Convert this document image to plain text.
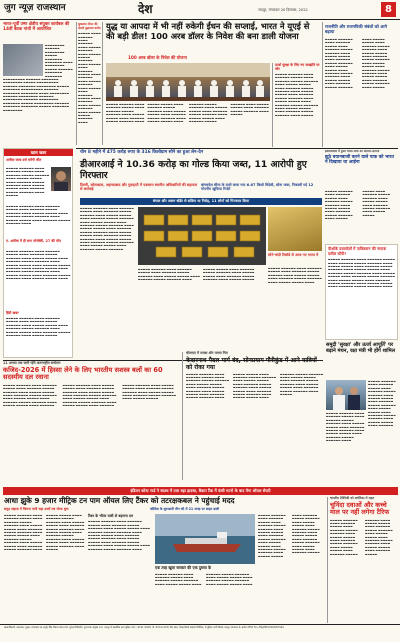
जुग न्यूज़ राजस्थान	देश	जयपुर, मंगलवार 20 दिसम्बर, 2022	8
भारत-पूर्वी उष्ण क्षेत्रीय संयुक्त कार्यबल की 14वीं बैठक गांधी में आयोजित
▬▬▬▬▬▬▬▬ ▬▬▬▬▬▬ ▬▬▬▬▬▬▬▬ ▬▬▬▬▬ ▬▬▬▬▬▬▬ ▬▬▬▬▬▬▬ ▬▬▬▬ ▬▬▬▬▬▬▬▬ ▬▬▬▬▬ ▬▬▬▬▬▬ ▬▬▬▬▬▬▬ ▬▬▬▬▬▬▬
▬▬▬▬▬▬▬▬▬ ▬▬▬▬▬▬ ▬▬▬▬▬▬▬ ▬▬▬▬▬▬▬▬ ▬▬▬▬▬ ▬▬▬▬▬▬▬▬▬ ▬▬▬▬▬▬ ▬▬▬▬▬▬▬ ▬▬▬▬▬▬▬▬ ▬▬▬▬▬ ▬▬▬▬▬▬▬ ▬▬▬▬▬▬▬▬▬ ▬▬▬▬▬▬ ▬▬▬▬▬▬▬ ▬▬▬▬▬▬▬ ▬▬▬▬ ▬▬▬▬▬▬▬▬ ▬▬▬▬▬▬ ▬▬▬▬▬▬▬▬ ▬▬▬▬▬▬ ▬▬▬▬▬▬▬▬ ▬▬▬▬▬▬ ▬▬▬▬▬▬▬▬ ▬▬▬▬▬▬▬ ▬▬▬▬▬ ▬▬▬▬▬▬▬▬ ▬▬▬▬▬▬ ▬▬▬▬▬▬▬ ▬▬▬▬▬▬▬ ▬▬▬▬▬ ▬▬▬▬▬▬▬ ▬▬▬▬▬▬▬▬
सुकतांत नौदन की दोरावे मुद्रापाय वर्माय
▬▬▬▬▬ ▬▬▬▬ ▬▬▬▬▬▬ ▬▬▬▬ ▬▬▬▬▬▬ ▬▬▬▬ ▬▬▬▬▬ ▬▬▬▬▬▬ ▬▬▬▬ ▬▬▬▬▬ ▬▬▬▬▬ ▬▬▬▬▬▬ ▬▬▬▬ ▬▬▬▬▬ ▬▬▬▬ ▬▬▬▬▬▬ ▬▬▬▬▬ ▬▬▬▬ ▬▬▬▬▬▬ ▬▬▬▬ ▬▬▬▬▬ ▬▬▬▬▬▬ ▬▬▬▬ ▬▬▬▬▬ ▬▬▬▬ ▬▬▬▬▬▬ ▬▬▬▬▬ ▬▬▬▬ ▬▬▬▬▬▬ ▬▬▬▬ ▬▬▬▬▬ ▬▬▬▬▬▬ ▬▬▬▬ ▬▬▬▬▬ ▬▬▬▬▬ ▬▬▬▬▬▬ ▬▬▬▬
युद्ध या आपदा में भी नहीं रुकेगी ईंधन की सप्लाई, भारत ने यूएई से की बड़ी डील! 100 अरब डॉलर के निवेश की बना डाली योजना
100 अरब डॉलर के निवेश की योजना
▬▬▬▬▬ ▬▬▬▬▬▬ ▬▬▬▬ ▬▬▬▬▬▬ ▬▬▬▬▬ ▬▬▬▬ ▬▬▬▬▬▬ ▬▬▬▬▬ ▬▬▬▬▬▬ ▬▬▬▬ ▬▬▬▬▬ ▬▬▬▬▬ ▬▬▬▬ ▬▬▬▬▬▬ ▬▬▬▬▬ ▬▬▬▬▬▬ ▬▬▬▬ ▬▬▬▬▬ ▬▬▬▬▬ ▬▬▬▬ ▬▬▬▬▬▬ ▬▬▬▬▬ ▬▬▬▬▬▬ ▬▬▬▬ ▬▬▬▬▬ ▬▬▬▬▬ ▬▬▬▬ ▬▬▬▬▬▬ ▬▬▬▬▬ ▬▬▬▬▬▬ ▬▬▬▬ ▬▬▬▬▬ ▬▬▬▬▬ ▬▬▬▬ ▬▬▬▬▬▬ ▬▬▬▬▬ ▬▬▬▬▬▬ ▬▬▬▬ ▬▬▬▬▬ ▬▬▬▬▬ ▬▬▬▬ ▬▬▬▬▬▬ ▬▬▬▬▬ ▬▬▬▬▬▬ ▬▬▬▬ ▬▬▬▬▬ ▬▬▬▬▬ ▬▬▬▬ ▬▬▬▬▬▬ ▬▬▬▬▬ ▬▬▬▬▬▬ ▬▬▬▬ ▬▬▬▬▬ ▬▬▬▬▬ ▬▬▬▬ ▬▬▬▬▬▬ ▬▬▬▬▬ ▬▬▬▬▬▬ ▬▬▬▬ ▬▬▬▬▬
ऊर्जा सुरक्षा के लिए नए समझौते पर जोर
▬▬▬▬▬ ▬▬▬▬▬▬ ▬▬▬▬ ▬▬▬▬▬▬ ▬▬▬▬▬ ▬▬▬▬ ▬▬▬▬▬▬ ▬▬▬▬▬ ▬▬▬▬▬▬ ▬▬▬▬ ▬▬▬▬▬ ▬▬▬▬▬ ▬▬▬▬ ▬▬▬▬▬▬ ▬▬▬▬▬ ▬▬▬▬▬▬ ▬▬▬▬ ▬▬▬▬▬ ▬▬▬▬▬ ▬▬▬▬ ▬▬▬▬▬▬ ▬▬▬▬▬ ▬▬▬▬▬▬ ▬▬▬▬ ▬▬▬▬▬ ▬▬▬▬▬ ▬▬▬▬ ▬▬▬▬▬▬ ▬▬▬▬▬ ▬▬▬▬▬▬ ▬▬▬▬ ▬▬▬▬▬ ▬▬▬▬▬ ▬▬▬▬ ▬▬▬▬▬▬ ▬▬▬▬▬ ▬▬▬▬▬▬ ▬▬▬▬ ▬▬▬▬▬
राजनीति और राजनयिकी संबंधों को आगे बढ़ाया
▬▬▬▬▬ ▬▬▬▬▬▬ ▬▬▬▬ ▬▬▬▬▬▬ ▬▬▬▬▬ ▬▬▬▬ ▬▬▬▬▬▬ ▬▬▬▬▬ ▬▬▬▬▬▬ ▬▬▬▬ ▬▬▬▬▬ ▬▬▬▬▬ ▬▬▬▬ ▬▬▬▬▬▬ ▬▬▬▬▬ ▬▬▬▬▬▬ ▬▬▬▬ ▬▬▬▬▬ ▬▬▬▬▬ ▬▬▬▬ ▬▬▬▬▬▬ ▬▬▬▬▬ ▬▬▬▬▬▬ ▬▬▬▬ ▬▬▬▬▬ ▬▬▬▬▬ ▬▬▬▬ ▬▬▬▬▬▬ ▬▬▬▬▬ ▬▬▬▬▬▬ ▬▬▬▬ ▬▬▬▬▬ ▬▬▬▬▬ ▬▬▬▬ ▬▬▬▬▬▬ ▬▬▬▬▬ ▬▬▬▬▬▬ ▬▬▬▬ ▬▬▬▬▬ ▬▬▬▬▬ ▬▬▬▬ ▬▬▬▬▬▬ ▬▬▬▬▬ ▬▬▬▬▬▬ ▬▬▬▬ ▬▬▬▬▬ ▬▬▬▬▬ ▬▬▬▬ ▬▬▬▬▬▬ ▬▬▬▬▬ ▬▬▬▬▬▬ ▬▬▬▬ ▬▬▬▬▬ ▬▬▬▬▬ ▬▬▬▬ ▬▬▬▬▬▬ ▬▬▬▬▬ ▬▬▬▬▬▬ ▬▬▬▬ ▬▬▬▬▬
खास खबर
अमीषा जल्द दर्ज करेंगी जीत
▬▬▬▬▬ ▬▬▬▬▬▬ ▬▬▬▬ ▬▬▬▬▬▬ ▬▬▬▬▬ ▬▬▬▬ ▬▬▬▬▬▬ ▬▬▬▬▬ ▬▬▬▬▬▬ ▬▬▬▬ ▬▬▬▬▬ ▬▬▬▬▬ ▬▬▬▬ ▬▬▬▬▬▬ ▬▬▬▬▬ ▬▬▬▬▬▬ ▬▬▬▬ ▬▬▬▬▬ ▬▬▬▬▬ ▬▬▬▬ ▬▬▬▬▬▬ ▬▬▬▬▬ ▬▬▬▬▬▬ ▬▬▬▬ ▬▬▬▬▬
▬▬▬▬▬ ▬▬▬▬▬▬ ▬▬▬▬ ▬▬▬▬▬▬ ▬▬▬▬▬ ▬▬▬▬ ▬▬▬▬▬▬ ▬▬▬▬▬ ▬▬▬▬▬▬ ▬▬▬▬ ▬▬▬▬▬ ▬▬▬▬▬ ▬▬▬▬ ▬▬▬▬▬▬ ▬▬▬▬▬ ▬▬▬▬▬▬ ▬▬▬▬ ▬▬▬▬▬ ▬▬▬▬▬ ▬▬▬▬ ▬▬▬▬▬▬ ▬▬▬▬▬ ▬▬▬▬▬▬ ▬▬▬▬
ए. अमीषा में ही लगा मोनोबेरी, 27 की मौत
▬▬▬▬▬ ▬▬▬▬▬▬ ▬▬▬▬ ▬▬▬▬▬▬ ▬▬▬▬▬ ▬▬▬▬ ▬▬▬▬▬▬ ▬▬▬▬▬ ▬▬▬▬▬▬ ▬▬▬▬ ▬▬▬▬▬ ▬▬▬▬▬ ▬▬▬▬ ▬▬▬▬▬▬ ▬▬▬▬▬ ▬▬▬▬▬▬ ▬▬▬▬ ▬▬▬▬▬ ▬▬▬▬▬ ▬▬▬▬ ▬▬▬▬▬▬ ▬▬▬▬▬ ▬▬▬▬▬▬ ▬▬▬▬ ▬▬▬▬▬ ▬▬▬▬▬ ▬▬▬▬ ▬▬▬▬▬▬ ▬▬▬▬▬ ▬▬▬▬▬▬ ▬▬▬▬ ▬▬▬▬▬ ▬▬▬▬▬ ▬▬▬▬ ▬▬▬▬▬▬ ▬▬▬▬▬ ▬▬▬▬▬▬ ▬▬▬▬ ▬▬▬▬▬ ▬▬▬▬▬ ▬▬▬▬
हिंदी खबर
▬▬▬▬▬ ▬▬▬▬▬▬ ▬▬▬▬ ▬▬▬▬▬▬ ▬▬▬▬▬ ▬▬▬▬ ▬▬▬▬▬▬ ▬▬▬▬▬ ▬▬▬▬▬▬ ▬▬▬▬ ▬▬▬▬▬ ▬▬▬▬▬ ▬▬▬▬ ▬▬▬▬▬▬ ▬▬▬▬▬ ▬▬▬▬▬▬ ▬▬▬▬ ▬▬▬▬▬ ▬▬▬▬▬ ▬▬▬▬ ▬▬▬▬▬▬ ▬▬▬▬▬ ▬▬▬▬▬▬ ▬▬▬▬ ▬▬▬▬▬ ▬▬▬▬▬
चीन 8 महीने में 475 करोड़ रुपए के 316 किलोग्राम सोने का हुआ लेन-देन
डीआरआई ने 10.36 करोड़ का गोल्ड किया जब्त, 11 आरोपी हुए गिरफ्तार
दिल्ली, कोलकाता, अहमदाबाद और गुवाहाटी में एकसाथ स्थानीय अधिकारियों की सहायता से कार्रवाई
बांग्लादेश सीमा के रास्ते लाया गया 6.67 किलो विदेशी, सोना जब्त, निकाली गई 12 गोपनीय खुफिया रिपोर्ट
बंगाल और असम बॉर्डर से सक्रिय था गिरोह, 11 लोगों को गिरफ्तार किया
▬▬▬▬▬ ▬▬▬▬▬▬ ▬▬▬▬ ▬▬▬▬▬▬ ▬▬▬▬▬ ▬▬▬▬ ▬▬▬▬▬▬ ▬▬▬▬▬ ▬▬▬▬▬▬ ▬▬▬▬ ▬▬▬▬▬ ▬▬▬▬▬ ▬▬▬▬ ▬▬▬▬▬▬ ▬▬▬▬▬ ▬▬▬▬▬▬ ▬▬▬▬ ▬▬▬▬▬ ▬▬▬▬▬ ▬▬▬▬ ▬▬▬▬▬▬ ▬▬▬▬▬ ▬▬▬▬▬▬ ▬▬▬▬ ▬▬▬▬▬ ▬▬▬▬▬ ▬▬▬▬ ▬▬▬▬▬▬ ▬▬▬▬▬ ▬▬▬▬▬▬ ▬▬▬▬ ▬▬▬▬▬ ▬▬▬▬▬ ▬▬▬▬ ▬▬▬▬▬▬ ▬▬▬▬▬ ▬▬▬▬▬▬ ▬▬▬▬ ▬▬▬▬▬ ▬▬▬▬▬ ▬▬▬▬ ▬▬▬▬▬▬ ▬▬▬▬▬ ▬▬▬▬▬▬ ▬▬▬▬ ▬▬▬▬▬ ▬▬▬▬▬ ▬▬▬▬ ▬▬▬▬▬▬ ▬▬▬▬▬ ▬▬▬▬▬▬
▬▬▬▬▬ ▬▬▬▬▬▬ ▬▬▬▬ ▬▬▬▬▬▬ ▬▬▬▬▬ ▬▬▬▬ ▬▬▬▬▬▬ ▬▬▬▬▬ ▬▬▬▬▬▬ ▬▬▬▬ ▬▬▬▬▬ ▬▬▬▬▬ ▬▬▬▬ ▬▬▬▬▬▬ ▬▬▬▬▬ ▬▬▬▬▬▬ ▬▬▬▬ ▬▬▬▬▬ ▬▬▬▬▬ ▬▬▬▬ ▬▬▬▬▬▬ ▬▬▬▬▬ ▬▬▬▬▬▬ ▬▬▬▬ ▬▬▬▬▬ ▬▬▬▬▬ ▬▬▬▬ ▬▬▬▬▬▬ ▬▬▬▬▬ ▬▬▬▬▬▬ ▬▬▬▬ ▬▬▬▬▬ ▬▬▬▬▬
सोने-चांदी रिकॉर्ड से आज नए भारत में
▬▬▬▬▬ ▬▬▬▬▬▬ ▬▬▬▬ ▬▬▬▬▬▬ ▬▬▬▬▬ ▬▬▬▬ ▬▬▬▬▬▬ ▬▬▬▬▬ ▬▬▬▬▬▬ ▬▬▬▬ ▬▬▬▬▬ ▬▬▬▬▬ ▬▬▬▬ ▬▬▬▬▬▬ ▬▬▬▬▬ ▬▬▬▬▬▬ ▬▬▬▬ ▬▬▬▬▬ ▬▬▬▬▬ ▬▬▬▬
इस्लामाबाद में हुआ भारत-पाक का आमना-सामना
झूठे बयानबाजी करने वाले पाक को भारत ने दिखाया था आईना
▬▬▬▬▬ ▬▬▬▬▬▬ ▬▬▬▬ ▬▬▬▬▬▬ ▬▬▬▬▬ ▬▬▬▬ ▬▬▬▬▬▬ ▬▬▬▬▬ ▬▬▬▬▬▬ ▬▬▬▬ ▬▬▬▬▬ ▬▬▬▬▬ ▬▬▬▬ ▬▬▬▬▬▬ ▬▬▬▬▬ ▬▬▬▬▬▬ ▬▬▬▬ ▬▬▬▬▬ ▬▬▬▬▬ ▬▬▬▬ ▬▬▬▬▬▬ ▬▬▬▬▬ ▬▬▬▬▬▬ ▬▬▬▬ ▬▬▬▬▬ ▬▬▬▬▬ ▬▬▬▬ ▬▬▬▬▬▬ ▬▬▬▬▬ ▬▬▬▬▬▬ ▬▬▬▬ ▬▬▬▬▬ ▬▬▬▬▬
पीओके दस्तावेज़ों में पाकिस्तान की नापाक दलील सोंपी?
▬▬▬▬▬ ▬▬▬▬▬▬ ▬▬▬▬ ▬▬▬▬▬▬ ▬▬▬▬▬ ▬▬▬▬ ▬▬▬▬▬▬ ▬▬▬▬▬ ▬▬▬▬▬▬ ▬▬▬▬ ▬▬▬▬▬ ▬▬▬▬▬ ▬▬▬▬ ▬▬▬▬▬▬ ▬▬▬▬▬ ▬▬▬▬▬▬ ▬▬▬▬ ▬▬▬▬▬ ▬▬▬▬▬ ▬▬▬▬ ▬▬▬▬▬▬ ▬▬▬▬▬ ▬▬▬▬▬▬ ▬▬▬▬ ▬▬▬▬▬ ▬▬▬▬▬ ▬▬▬▬ ▬▬▬▬▬▬ ▬▬▬▬▬ ▬▬▬▬▬▬ ▬▬▬▬ ▬▬▬▬▬ ▬▬▬▬▬ ▬▬▬▬ ▬▬▬▬▬▬ ▬▬▬▬▬ ▬▬▬▬▬▬ ▬▬▬▬ ▬▬▬▬▬ ▬▬▬▬▬ ▬▬▬▬ ▬▬▬▬▬▬ ▬▬▬▬▬ ▬▬▬▬▬▬ ▬▬▬▬
11 अगस्त तक जारी रहेंगे अंतरराष्ट्रीय सम्मेलन
कजिद-2026 में हिस्सा लेने के लिए भारतीय सशस्त्र बलों का 60 सदस्यीय दल रवाना
▬▬▬▬▬ ▬▬▬▬▬▬ ▬▬▬▬ ▬▬▬▬▬▬ ▬▬▬▬▬ ▬▬▬▬ ▬▬▬▬▬▬ ▬▬▬▬▬ ▬▬▬▬▬▬ ▬▬▬▬ ▬▬▬▬▬ ▬▬▬▬▬ ▬▬▬▬ ▬▬▬▬▬▬ ▬▬▬▬▬ ▬▬▬▬▬▬ ▬▬▬▬ ▬▬▬▬▬ ▬▬▬▬▬ ▬▬▬▬ ▬▬▬▬▬▬ ▬▬▬▬▬ ▬▬▬▬▬▬ ▬▬▬▬ ▬▬▬▬▬ ▬▬▬▬▬ ▬▬▬▬ ▬▬▬▬▬▬ ▬▬▬▬▬ ▬▬▬▬▬▬ ▬▬▬▬ ▬▬▬▬▬ ▬▬▬▬▬ ▬▬▬▬ ▬▬▬▬▬▬ ▬▬▬▬▬ ▬▬▬▬▬▬ ▬▬▬▬ ▬▬▬▬▬ ▬▬▬▬▬ ▬▬▬▬ ▬▬▬▬▬▬ ▬▬▬▬▬ ▬▬▬▬▬▬ ▬▬▬▬ ▬▬▬▬▬ ▬▬▬▬▬ ▬▬▬▬ ▬▬▬▬▬▬ ▬▬▬▬▬ ▬▬▬▬▬▬ ▬▬▬▬ ▬▬▬▬▬ ▬▬▬▬▬ ▬▬▬▬ ▬▬▬▬▬▬ ▬▬▬▬▬ ▬▬▬▬▬▬ ▬▬▬▬ ▬▬▬▬▬ ▬▬▬▬▬ ▬▬▬▬ ▬▬▬▬▬▬ ▬▬▬▬▬ ▬▬▬▬▬▬ ▬▬▬▬ ▬▬▬▬▬ ▬▬▬▬▬ ▬▬▬▬ ▬▬▬▬▬▬ ▬▬▬▬▬ ▬▬▬▬▬▬ ▬▬▬▬ ▬▬▬▬▬ ▬▬▬▬▬
चौतरफ़ा में मलबा और पलवा गिरा
केदारनाथ पैदल मार्ग बंद, सोनप्रयाग गौरीकुंड में आने यात्रियों को रोका गया
▬▬▬▬▬ ▬▬▬▬▬▬ ▬▬▬▬ ▬▬▬▬▬▬ ▬▬▬▬▬ ▬▬▬▬ ▬▬▬▬▬▬ ▬▬▬▬▬ ▬▬▬▬▬▬ ▬▬▬▬ ▬▬▬▬▬ ▬▬▬▬▬ ▬▬▬▬ ▬▬▬▬▬▬ ▬▬▬▬▬ ▬▬▬▬▬▬ ▬▬▬▬ ▬▬▬▬▬ ▬▬▬▬▬ ▬▬▬▬ ▬▬▬▬▬▬ ▬▬▬▬▬ ▬▬▬▬▬▬ ▬▬▬▬ ▬▬▬▬▬ ▬▬▬▬▬ ▬▬▬▬ ▬▬▬▬▬▬ ▬▬▬▬▬ ▬▬▬▬▬▬ ▬▬▬▬ ▬▬▬▬▬ ▬▬▬▬▬ ▬▬▬▬ ▬▬▬▬▬▬ ▬▬▬▬▬ ▬▬▬▬▬▬ ▬▬▬▬ ▬▬▬▬▬ ▬▬▬▬▬ ▬▬▬▬ ▬▬▬▬▬▬ ▬▬▬▬▬ ▬▬▬▬▬▬ ▬▬▬▬ ▬▬▬▬▬ ▬▬▬▬▬ ▬▬▬▬ ▬▬▬▬▬▬ ▬▬▬▬▬ ▬▬▬▬▬▬ ▬▬▬▬ ▬▬▬▬▬ ▬▬▬▬▬ ▬▬▬▬ ▬▬▬▬▬▬ ▬▬▬▬▬ ▬▬▬▬▬▬ ▬▬▬▬ ▬▬▬▬▬ ▬▬▬▬▬ ▬▬▬▬ ▬▬▬▬▬▬ ▬▬▬▬▬ ▬▬▬▬▬▬ ▬▬▬▬ ▬▬▬▬▬
समुद्री 'सुरक्षा' और ऊर्जा आपूर्ति' पर बढ़ाने मंथन, रक्षा मंत्री भी होंगे शामिल
▬▬▬▬▬ ▬▬▬▬▬▬ ▬▬▬▬ ▬▬▬▬▬▬ ▬▬▬▬▬ ▬▬▬▬ ▬▬▬▬▬▬ ▬▬▬▬▬ ▬▬▬▬▬▬ ▬▬▬▬ ▬▬▬▬▬ ▬▬▬▬▬ ▬▬▬▬ ▬▬▬▬▬▬ ▬▬▬▬▬ ▬▬▬▬▬▬ ▬▬▬▬ ▬▬▬▬▬ ▬▬▬▬▬ ▬▬▬▬ ▬▬▬▬▬▬ ▬▬▬▬▬ ▬▬▬▬▬▬ ▬▬▬▬ ▬▬▬▬▬ ▬▬▬▬▬ ▬▬▬▬ ▬▬▬▬▬▬
▬▬▬▬▬ ▬▬▬▬▬▬ ▬▬▬▬ ▬▬▬▬▬▬ ▬▬▬▬▬ ▬▬▬▬ ▬▬▬▬▬▬ ▬▬▬▬▬ ▬▬▬▬▬▬ ▬▬▬▬ ▬▬▬▬▬ ▬▬▬▬▬ ▬▬▬▬ ▬▬▬▬▬▬ ▬▬▬▬▬ ▬▬▬▬▬▬ ▬▬▬▬ ▬▬▬▬▬ ▬▬▬▬▬ ▬▬▬▬ ▬▬▬▬▬▬ ▬▬▬▬▬ ▬▬▬▬▬▬ ▬▬▬▬
इंडियन कोस्ट गार्ड ने साउथ में टला बड़ा हादसा, बैक्टर टैंक में फंसी गटनो के बाद मेगा ऑयल सेफ्टी
आधा झुके 9 हजार मीट्रिक टन पाम ऑयल लिए टैंकर को तटरक्षकबल ने पहुंचाई मदद
समुद्र जहाज़ में जितना पानी चढ़ा उसमें तब गोल्ड शुरू	कोशिश के शुरुआती तीन घंटे में 21 जगह पर लाइट डाली
▬▬▬▬▬ ▬▬▬▬▬▬ ▬▬▬▬ ▬▬▬▬▬▬ ▬▬▬▬▬ ▬▬▬▬ ▬▬▬▬▬▬ ▬▬▬▬▬ ▬▬▬▬▬▬ ▬▬▬▬ ▬▬▬▬▬ ▬▬▬▬▬ ▬▬▬▬ ▬▬▬▬▬▬ ▬▬▬▬▬ ▬▬▬▬▬▬ ▬▬▬▬ ▬▬▬▬▬ ▬▬▬▬▬ ▬▬▬▬ ▬▬▬▬▬▬ ▬▬▬▬▬ ▬▬▬▬▬▬ ▬▬▬▬ ▬▬▬▬▬ ▬▬▬▬▬ ▬▬▬▬ ▬▬▬▬▬▬ ▬▬▬▬▬ ▬▬▬▬▬▬ ▬▬▬▬ ▬▬▬▬▬ ▬▬▬▬▬ ▬▬▬▬ ▬▬▬▬▬▬ ▬▬▬▬▬ ▬▬▬▬▬▬ ▬▬▬▬ ▬▬▬▬▬ ▬▬▬▬▬ ▬▬▬▬ ▬▬▬▬▬▬ ▬▬▬▬▬ ▬▬▬▬▬▬ ▬▬▬▬ ▬▬▬▬▬ ▬▬▬▬▬ ▬▬▬▬ ▬▬▬▬▬▬ ▬▬▬▬▬ ▬▬▬▬▬▬ ▬▬▬▬ ▬▬▬▬▬ ▬▬▬▬▬ ▬▬▬▬ ▬▬▬▬▬▬ ▬▬▬▬▬ ▬▬▬▬▬▬ ▬▬▬▬ ▬▬▬▬▬
टैंकर के भीतर यात्री से बहराना दम
▬▬▬▬▬ ▬▬▬▬▬▬ ▬▬▬▬ ▬▬▬▬▬▬ ▬▬▬▬▬ ▬▬▬▬ ▬▬▬▬▬▬ ▬▬▬▬▬ ▬▬▬▬▬▬ ▬▬▬▬ ▬▬▬▬▬ ▬▬▬▬▬ ▬▬▬▬ ▬▬▬▬▬▬ ▬▬▬▬▬ ▬▬▬▬▬▬ ▬▬▬▬ ▬▬▬▬▬ ▬▬▬▬▬ ▬▬▬▬ ▬▬▬▬▬▬ ▬▬▬▬▬ ▬▬▬▬▬▬ ▬▬▬▬ ▬▬▬▬▬ ▬▬▬▬▬ ▬▬▬▬ ▬▬▬▬▬▬ ▬▬▬▬▬ ▬▬▬▬▬▬ ▬▬▬▬ ▬▬▬▬▬ ▬▬▬▬▬ ▬▬▬▬ ▬▬▬▬▬▬ ▬▬▬▬▬ ▬▬▬▬▬▬ ▬▬▬▬
एक तरह खुला सरकार की एक दुरुस्त के
▬▬▬▬▬ ▬▬▬▬▬▬ ▬▬▬▬ ▬▬▬▬▬▬ ▬▬▬▬▬ ▬▬▬▬ ▬▬▬▬▬▬ ▬▬▬▬▬ ▬▬▬▬▬▬ ▬▬▬▬ ▬▬▬▬▬ ▬▬▬▬▬ ▬▬▬▬ ▬▬▬▬▬▬ ▬▬▬▬▬ ▬▬▬▬▬▬ ▬▬▬▬ ▬▬▬▬▬ ▬▬▬▬▬ ▬▬▬▬ ▬▬▬▬▬▬ ▬▬▬▬▬ ▬▬▬▬▬▬ ▬▬▬▬ ▬▬▬▬▬ ▬▬▬▬▬ ▬▬▬▬
▬▬▬▬▬ ▬▬▬▬▬▬ ▬▬▬▬ ▬▬▬▬▬▬ ▬▬▬▬▬ ▬▬▬▬ ▬▬▬▬▬▬ ▬▬▬▬▬ ▬▬▬▬▬▬ ▬▬▬▬ ▬▬▬▬▬ ▬▬▬▬▬ ▬▬▬▬ ▬▬▬▬▬▬ ▬▬▬▬▬ ▬▬▬▬▬▬ ▬▬▬▬ ▬▬▬▬▬ ▬▬▬▬▬ ▬▬▬▬ ▬▬▬▬▬▬ ▬▬▬▬▬ ▬▬▬▬▬▬ ▬▬▬▬ ▬▬▬▬▬ ▬▬▬▬▬ ▬▬▬▬ ▬▬▬▬▬▬ ▬▬▬▬▬ ▬▬▬▬▬▬ ▬▬▬▬ ▬▬▬▬▬ ▬▬▬▬▬ ▬▬▬▬ ▬▬▬▬▬▬ ▬▬▬▬▬ ▬▬▬▬▬▬ ▬▬▬▬ ▬▬▬▬▬ ▬▬▬▬▬ ▬▬▬▬ ▬▬▬▬▬▬ ▬▬▬▬▬ ▬▬▬▬▬▬ ▬▬▬▬ ▬▬▬▬▬ ▬▬▬▬▬ ▬▬▬▬ ▬▬▬▬▬▬ ▬▬▬▬▬
भारतीय टेक्निकी को अमेरिका में राहत
चुनिंदा दवाओं और कच्चे माल पर नहीं लगेगा टैरिफ
▬▬▬▬▬ ▬▬▬▬▬▬ ▬▬▬▬ ▬▬▬▬▬▬ ▬▬▬▬▬ ▬▬▬▬ ▬▬▬▬▬▬ ▬▬▬▬▬ ▬▬▬▬▬▬ ▬▬▬▬ ▬▬▬▬▬ ▬▬▬▬▬ ▬▬▬▬ ▬▬▬▬▬▬ ▬▬▬▬▬ ▬▬▬▬▬▬ ▬▬▬▬ ▬▬▬▬▬ ▬▬▬▬▬ ▬▬▬▬ ▬▬▬▬▬▬ ▬▬▬▬▬ ▬▬▬▬▬▬ ▬▬▬▬ ▬▬▬▬▬ ▬▬▬▬▬ ▬▬▬▬ ▬▬▬▬▬▬ ▬▬▬▬▬ ▬▬▬▬▬▬ ▬▬▬▬ ▬▬▬▬▬ ▬▬▬▬▬ ▬▬▬▬ ▬▬▬▬▬▬ ▬▬▬▬▬ ▬▬▬▬▬▬ ▬▬▬▬ ▬▬▬▬▬ ▬▬▬▬▬ ▬▬▬▬ ▬▬▬▬▬▬ ▬▬▬▬▬
स्वत्वाधिकारी, प्रकाशक, मुद्रक, सम्पादक पत्र अर्जुन सिंह निवास मंडल मार्ग, सुरेन्द्र सिटीफोर्ट, गुरुनानक संयुक्त नगर, जयपुर से प्रकाशित तथा मुद्रित। फोन : 0141-2339, मो. 9214 (222) पिन कोड, मेवाड़ प्रिंटर्स प्राइवेट लिमिटेड, से मुद्रित। सभी विवाद जयपुर न्यायालय के अधीन। RNI No.-RAJHIN/2020/81542
